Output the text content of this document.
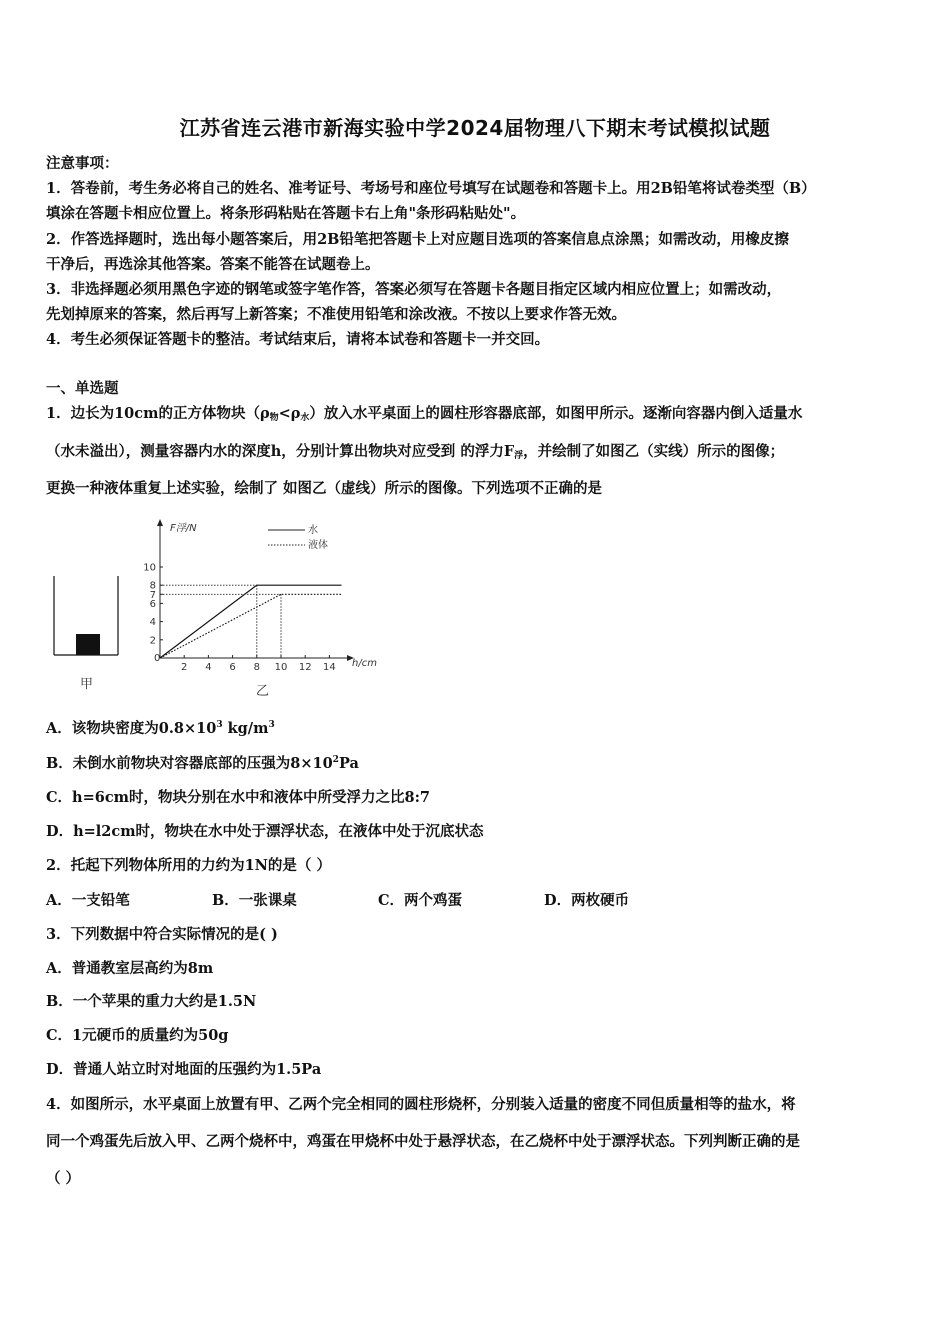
江苏省连云港市新海实验中学2024届物理八下期末考试模拟试题
注意事项：
1．答卷前，考生务必将自己的姓名、准考证号、考场号和座位号填写在试题卷和答题卡上。用2B铅笔将试卷类型（B）
填涂在答题卡相应位置上。将条形码粘贴在答题卡右上角"条形码粘贴处"。
2．作答选择题时，选出每小题答案后，用2B铅笔把答题卡上对应题目选项的答案信息点涂黑；如需改动，用橡皮擦
干净后，再选涂其他答案。答案不能答在试题卷上。
3．非选择题必须用黑色字迹的钢笔或签字笔作答，答案必须写在答题卡各题目指定区域内相应位置上；如需改动，
先划掉原来的答案，然后再写上新答案；不准使用铅笔和涂改液。不按以上要求作答无效。
4．考生必须保证答题卡的整洁。考试结束后，请将本试卷和答题卡一并交回。
一、单选题
1．边长为10cm的正方体物块$(\rho_物<\rho_水)$放入水平桌面上的圆柱形容器底部，如图甲所示。逐渐向容器内倒入适量水
（水未溢出），测量容器内水的深度h，分别计算出物块对应受到 的浮力$F_浮$，并绘制了如图乙（实线）所示的图像；
更换一种液体重复上述实验，绘制了 如图乙（虚线）所示的图像。下列选项不正确的是
甲
F浮/N
h/cm
0
水
液体
乙
2 4 6 8 10 12 14
2
4
6
7
8
10
A．该物块密度为$0.8\times 10^3$ $kg/m^3$
B．未倒水前物块对容器底部的压强为$8\times 10^2Pa$
C．h=6cm时，物块分别在水中和液体中所受浮力之比8:7
D．h=l2cm时，物块在水中处于漂浮状态，在液体中处于沉底状态
2．托起下列物体所用的力约为1N的是（ ）
A．一支铅笔	B．一张课桌	C．两个鸡蛋	D．两枚硬币
3．下列数据中符合实际情况的是( )
A．普通教室层高约为8m
B．一个苹果的重力大约是1.5N
C．1元硬币的质量约为50g
D．普通人站立时对地面的压强约为1.5Pa
4．如图所示，水平桌面上放置有甲、乙两个完全相同的圆柱形烧杯，分别装入适量的密度不同但质量相等的盐水，将
同一个鸡蛋先后放入甲、乙两个烧杯中，鸡蛋在甲烧杯中处于悬浮状态，在乙烧杯中处于漂浮状态。下列判断正确的是
（ ）
